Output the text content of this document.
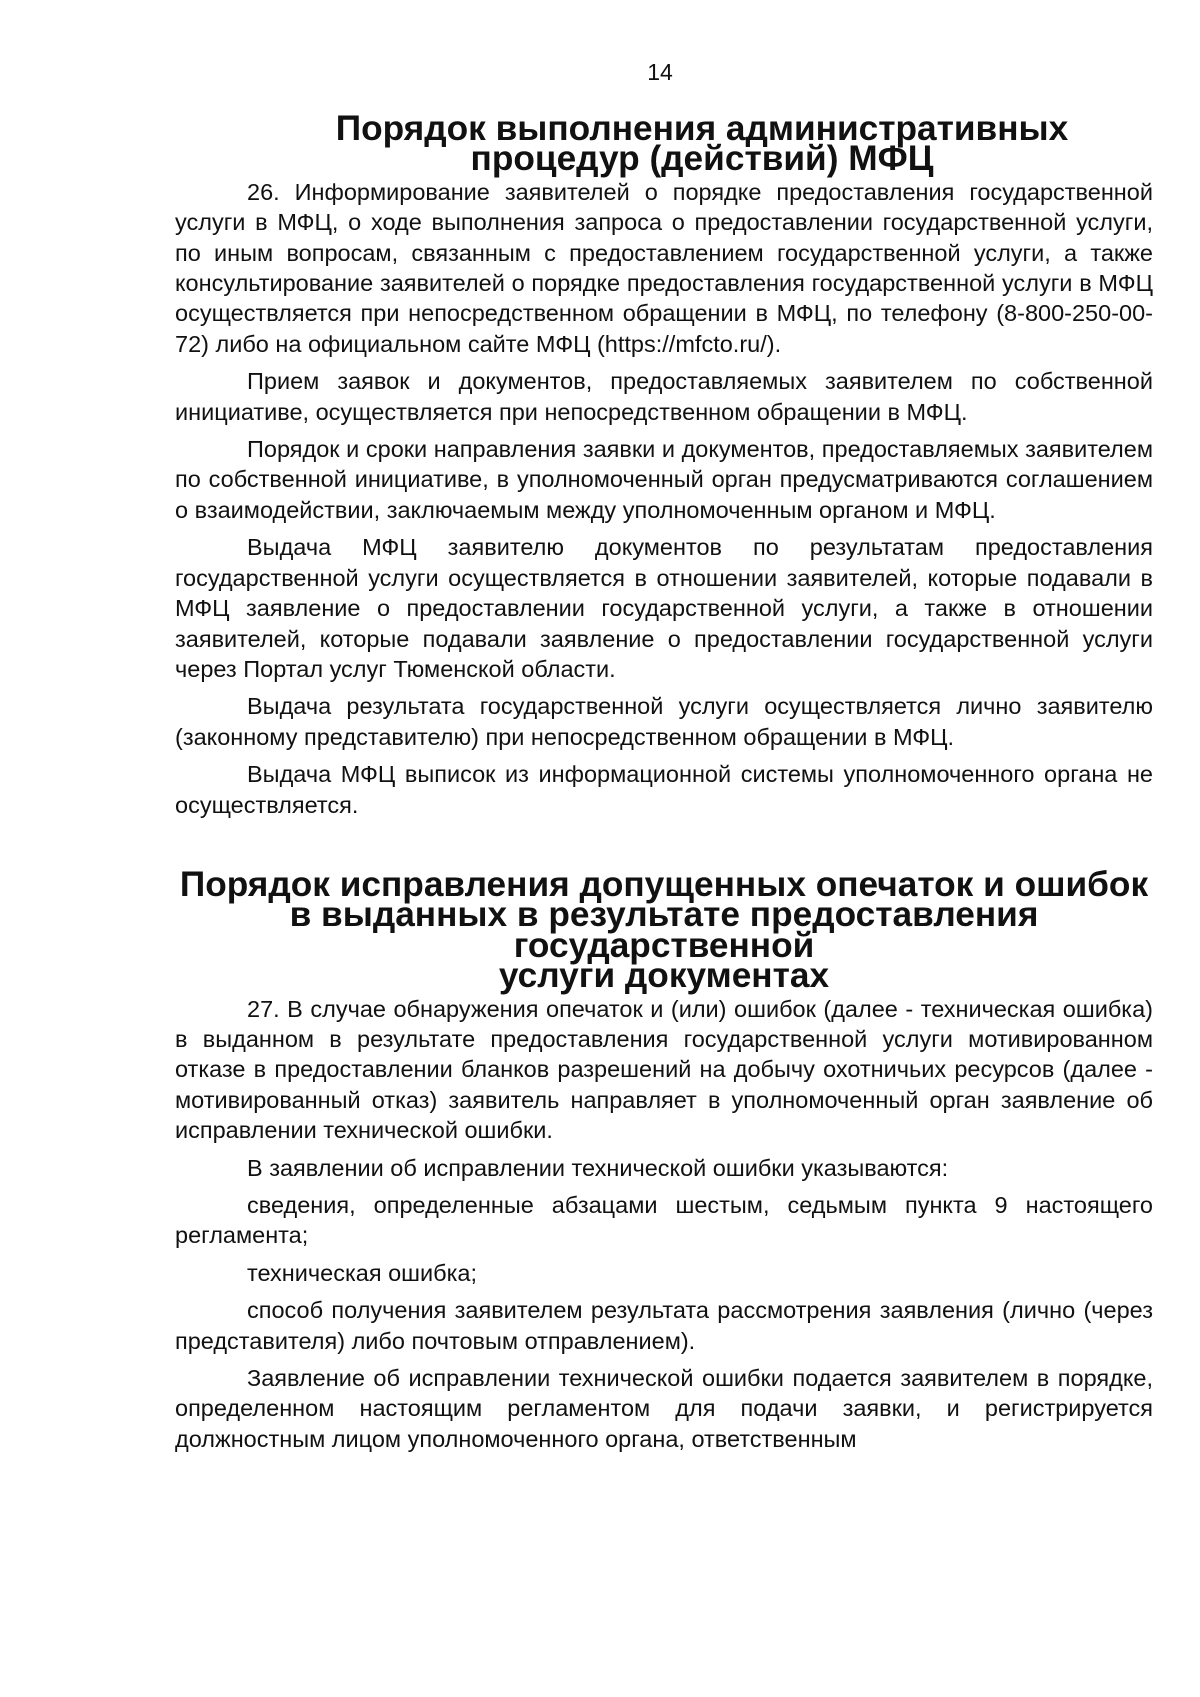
14
Порядок выполнения административных
процедур (действий) МФЦ

26. Информирование заявителей о порядке предоставления государственной услуги в МФЦ, о ходе выполнения запроса о предоставлении государственной услуги, по иным вопросам, связанным с предоставлением государственной услуги, а также консультирование заявителей о порядке предоставления государственной услуги в МФЦ осуществляется при непосредственном обращении в МФЦ, по телефону (8-800-250-00-72) либо на официальном сайте МФЦ (https://mfcto.ru/).

Прием заявок и документов, предоставляемых заявителем по собственной инициативе, осуществляется при непосредственном обращении в МФЦ.

Порядок и сроки направления заявки и документов, предоставляемых заявителем по собственной инициативе, в уполномоченный орган предусматриваются соглашением о взаимодействии, заключаемым между уполномоченным органом и МФЦ.

Выдача МФЦ заявителю документов по результатам предоставления государственной услуги осуществляется в отношении заявителей, которые подавали в МФЦ заявление о предоставлении государственной услуги, а также в отношении заявителей, которые подавали заявление о предоставлении государственной услуги через Портал услуг Тюменской области.

Выдача результата государственной услуги осуществляется лично заявителю (законному представителю) при непосредственном обращении в МФЦ.

Выдача МФЦ выписок из информационной системы уполномоченного органа не осуществляется.

Порядок исправления допущенных опечаток и ошибок
в выданных в результате предоставления государственной
услуги документах

27. В случае обнаружения опечаток и (или) ошибок (далее - техническая ошибка) в выданном в результате предоставления государственной услуги мотивированном отказе в предоставлении бланков разрешений на добычу охотничьих ресурсов (далее - мотивированный отказ) заявитель направляет в уполномоченный орган заявление об исправлении технической ошибки.

В заявлении об исправлении технической ошибки указываются:

сведения, определенные абзацами шестым, седьмым пункта 9 настоящего регламента;

техническая ошибка;

способ получения заявителем результата рассмотрения заявления (лично (через представителя) либо почтовым отправлением).

Заявление об исправлении технической ошибки подается заявителем в порядке, определенном настоящим регламентом для подачи заявки, и регистрируется должностным лицом уполномоченного органа, ответственным
